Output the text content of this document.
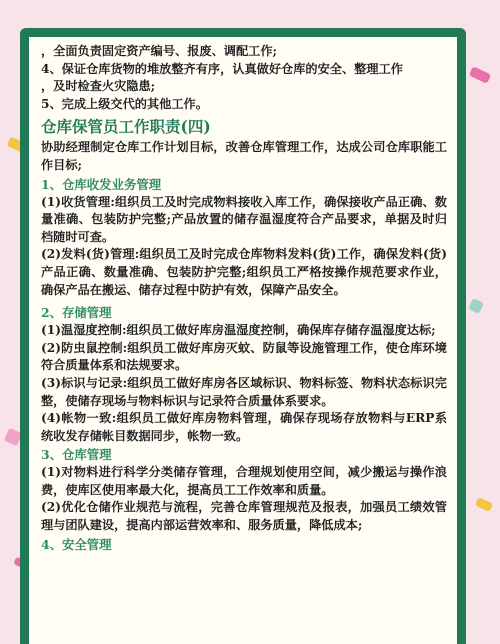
，全面负责固定资产编号、报废、调配工作;

4、保证仓库货物的堆放整齐有序，认真做好仓库的安全、整理工作

，及时检查火灾隐患;

5、完成上级交代的其他工作。

仓库保管员工作职责(四)

协助经理制定仓库工作计划目标，改善仓库管理工作，达成公司仓库职能工作目标;

1、仓库收发业务管理

(1)收货管理:组织员工及时完成物料接收入库工作，确保接收产品正确、数量准确、包装防护完整;产品放置的储存温湿度符合产品要求，单据及时归档随时可查。

(2)发料(货)管理:组织员工及时完成仓库物料发料(货)工作，确保发料(货)产品正确、数量准确、包装防护完整;组织员工严格按操作规范要求作业，确保产品在搬运、储存过程中防护有效，保障产品安全。

2、存储管理

(1)温湿度控制:组织员工做好库房温湿度控制，确保库存储存温湿度达标;

(2)防虫鼠控制:组织员工做好库房灭蚊、防鼠等设施管理工作，使仓库环境符合质量体系和法规要求。

(3)标识与记录:组织员工做好库房各区域标识、物料标签、物料状态标识完整，使储存现场与物料标识与记录符合质量体系要求。

(4)帐物一致:组织员工做好库房物料管理，确保存现场存放物料与ERP系统收发存储帐目数据同步，帐物一致。

3、仓库管理

(1)对物料进行科学分类储存管理，合理规划使用空间，减少搬运与操作浪费，使库区使用率最大化，提高员工工作效率和质量。

(2)优化仓储作业规范与流程，完善仓库管理规范及报表，加强员工绩效管理与团队建设，提高内部运营效率和、服务质量，降低成本;

4、安全管理
